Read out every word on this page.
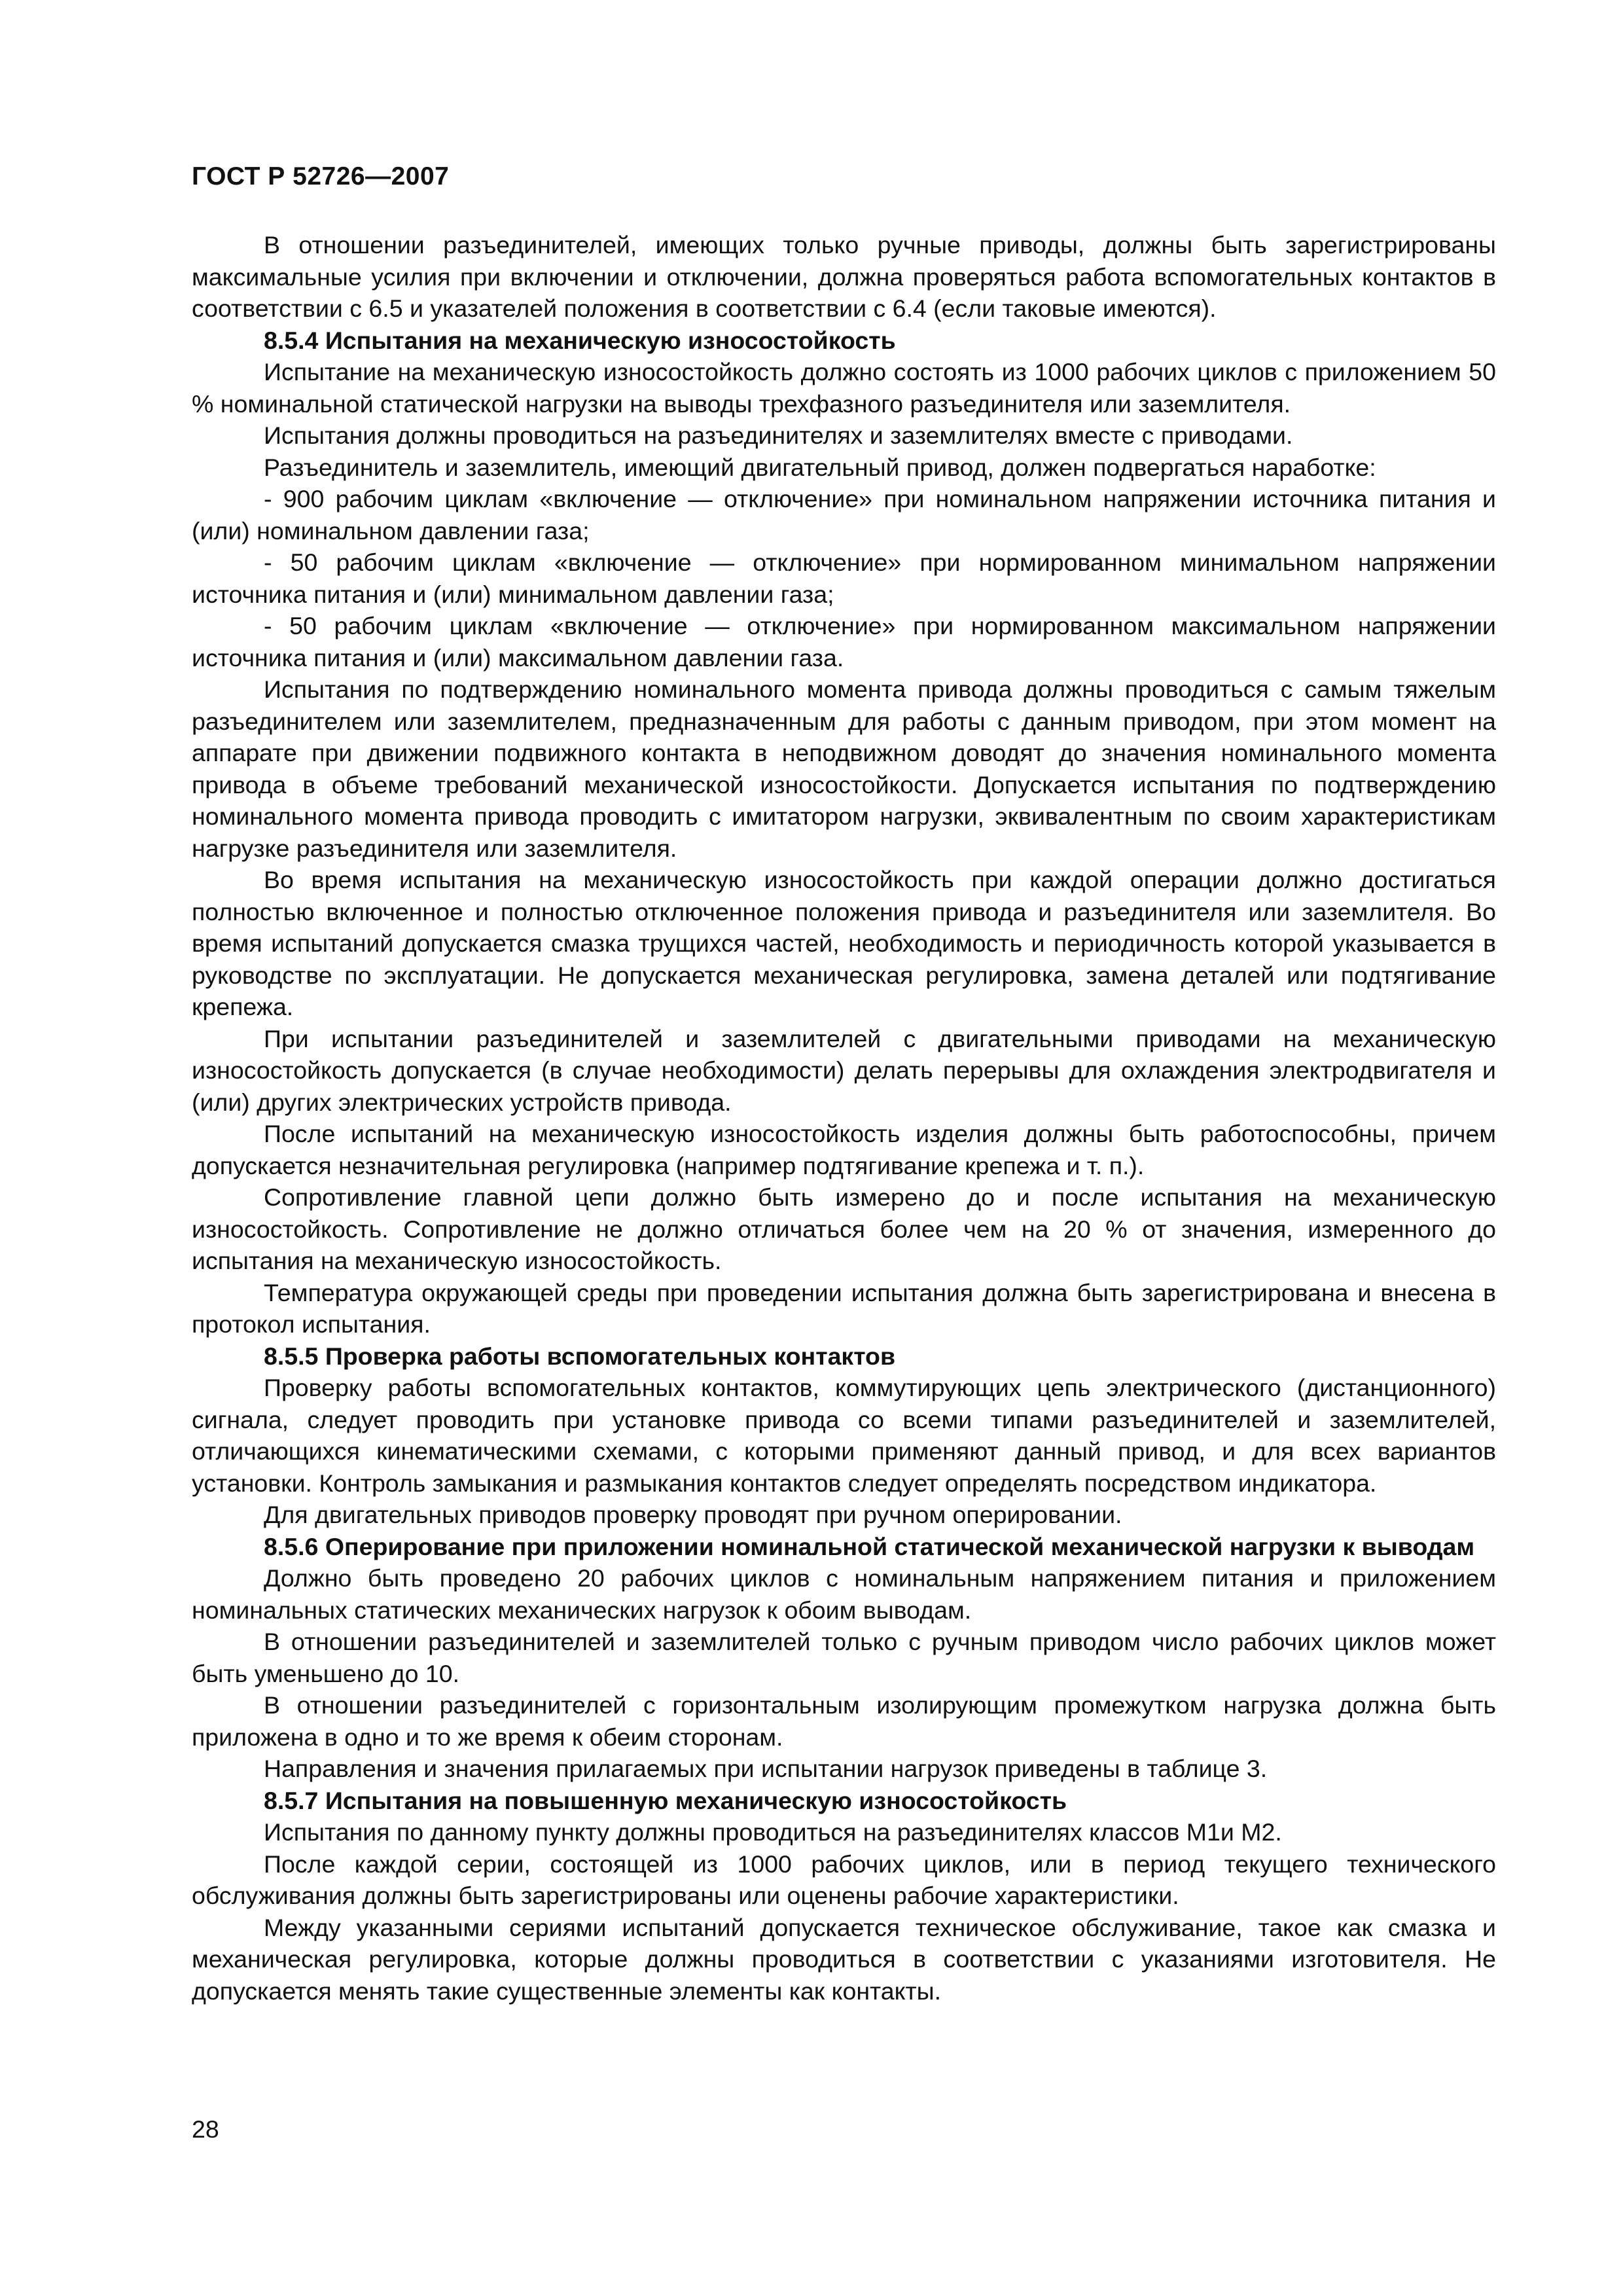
ГОСТ Р 52726—2007

В отношении разъединителей, имеющих только ручные приводы, должны быть зарегистрированы максимальные усилия при включении и отключении, должна проверяться работа вспомогательных контактов в соответствии с 6.5 и указателей положения в соответствии с 6.4 (если таковые имеются).

8.5.4 Испытания на механическую износостойкость

Испытание на механическую износостойкость должно состоять из 1000 рабочих циклов с приложением 50 % номинальной статической нагрузки на выводы трехфазного разъединителя или заземлителя.

Испытания должны проводиться на разъединителях и заземлителях вместе с приводами.

Разъединитель и заземлитель, имеющий двигательный привод, должен подвергаться наработке:

- 900 рабочим циклам «включение — отключение» при номинальном напряжении источника питания и (или) номинальном давлении газа;

- 50 рабочим циклам «включение — отключение» при нормированном минимальном напряжении источника питания и (или) минимальном давлении газа;

- 50 рабочим циклам «включение — отключение» при нормированном максимальном напряжении источника питания и (или) максимальном давлении газа.

Испытания по подтверждению номинального момента привода должны проводиться с самым тяжелым разъединителем или заземлителем, предназначенным для работы с данным приводом, при этом момент на аппарате при движении подвижного контакта в неподвижном доводят до значения номинального момента привода в объеме требований механической износостойкости. Допускается испытания по подтверждению номинального момента привода проводить с имитатором нагрузки, эквивалентным по своим характеристикам нагрузке разъединителя или заземлителя.

Во время испытания на механическую износостойкость при каждой операции должно достигаться полностью включенное и полностью отключенное положения привода и разъединителя или заземлителя. Во время испытаний допускается смазка трущихся частей, необходимость и периодичность которой указывается в руководстве по эксплуатации. Не допускается механическая регулировка, замена деталей или подтягивание крепежа.

При испытании разъединителей и заземлителей с двигательными приводами на механическую износостойкость допускается (в случае необходимости) делать перерывы для охлаждения электродвигателя и (или) других электрических устройств привода.

После испытаний на механическую износостойкость изделия должны быть работоспособны, причем допускается незначительная регулировка (например подтягивание крепежа и т. п.).

Сопротивление главной цепи должно быть измерено до и после испытания на механическую износостойкость. Сопротивление не должно отличаться более чем на 20 % от значения, измеренного до испытания на механическую износостойкость.

Температура окружающей среды при проведении испытания должна быть зарегистрирована и внесена в протокол испытания.

8.5.5 Проверка работы вспомогательных контактов

Проверку работы вспомогательных контактов, коммутирующих цепь электрического (дистанционного) сигнала, следует проводить при установке привода со всеми типами разъединителей и заземлителей, отличающихся кинематическими схемами, с которыми применяют данный привод, и для всех вариантов установки. Контроль замыкания и размыкания контактов следует определять посредством индикатора.

Для двигательных приводов проверку проводят при ручном оперировании.

8.5.6 Оперирование при приложении номинальной статической механической нагрузки к выводам

Должно быть проведено 20 рабочих циклов с номинальным напряжением питания и приложением номинальных статических механических нагрузок к обоим выводам.

В отношении разъединителей и заземлителей только с ручным приводом число рабочих циклов может быть уменьшено до 10.

В отношении разъединителей с горизонтальным изолирующим промежутком нагрузка должна быть приложена в одно и то же время к обеим сторонам.

Направления и значения прилагаемых при испытании нагрузок приведены в таблице 3.

8.5.7 Испытания на повышенную механическую износостойкость

Испытания по данному пункту должны проводиться на разъединителях классов М1и М2.

После каждой серии, состоящей из 1000 рабочих циклов, или в период текущего технического обслуживания должны быть зарегистрированы или оценены рабочие характеристики.

Между указанными сериями испытаний допускается техническое обслуживание, такое как смазка и механическая регулировка, которые должны проводиться в соответствии с указаниями изготовителя. Не допускается менять такие существенные элементы как контакты.

28
